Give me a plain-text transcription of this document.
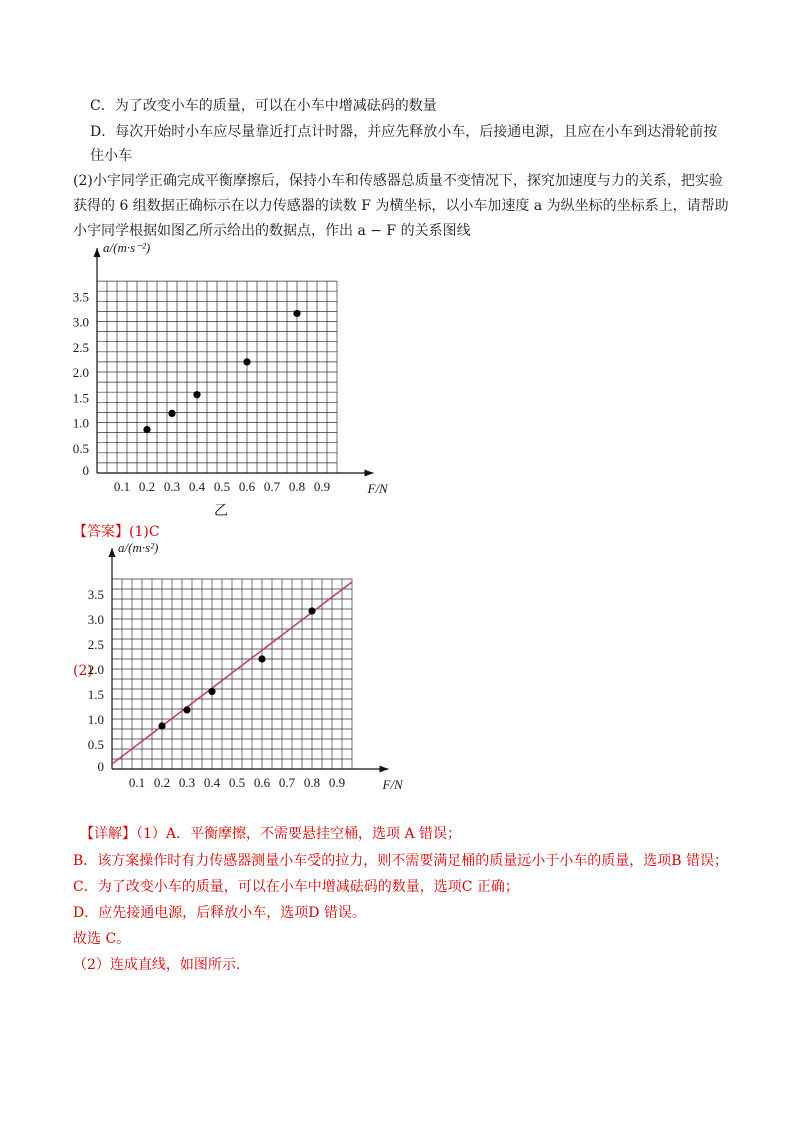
C．为了改变小车的质量，可以在小车中增减砝码的数量
D．每次开始时小车应尽量靠近打点计时器，并应先释放小车，后接通电源，且应在小车到达滑轮前按
住小车
(2)小宇同学正确完成平衡摩擦后，保持小车和传感器总质量不变情况下，探究加速度与力的关系，把实验
获得的 6 组数据正确标示在以力传感器的读数 F 为横坐标，以小车加速度 a 为纵坐标的坐标系上，请帮助
小宇同学根据如图乙所示给出的数据点，作出 a − F 的关系图线
0.1 0.2 0.3 0.4 0.5 0.6 0.7 0.8 0.9
0.5
1.0
1.5
2.0
2.5
3.0
3.5
0
F/N
a/(m·s⁻²)
乙
【答案】(1)C
(2)
0.1 0.2 0.3 0.4 0.5 0.6 0.7 0.8 0.9
0.5
1.0
1.5
2.0
2.5
3.0
3.5
0
F/N
a/(m·s²)
【详解】（1）A．平衡摩擦，不需要悬挂空桶，选项 A 错误；
B．该方案操作时有力传感器测量小车受的拉力，则不需要满足桶的质量远小于小车的质量，选项B 错误；
C．为了改变小车的质量，可以在小车中增减砝码的数量，选项C 正确；
D．应先接通电源，后释放小车，选项D 错误。
故选 C。
（2）连成直线，如图所示.
